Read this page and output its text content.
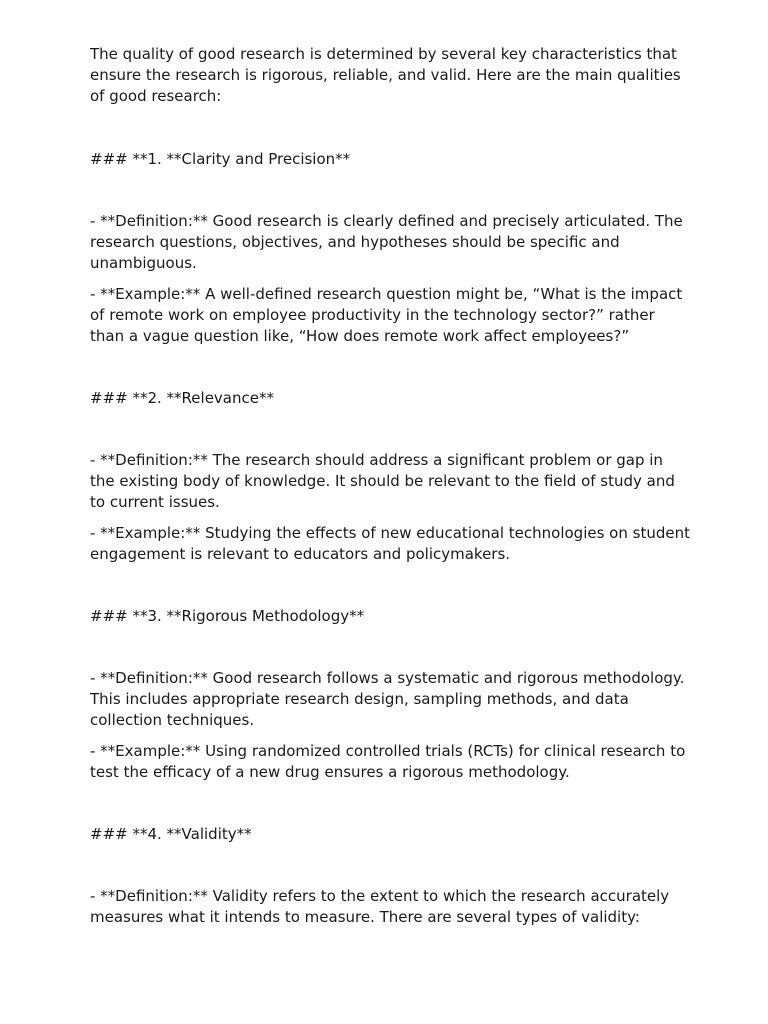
The quality of good research is determined by several key characteristics that ensure the research is rigorous, reliable, and valid. Here are the main qualities of good research:

### **1. **Clarity and Precision**

- **Definition:** Good research is clearly defined and precisely articulated. The research questions, objectives, and hypotheses should be specific and unambiguous.

- **Example:** A well-defined research question might be, “What is the impact of remote work on employee productivity in the technology sector?” rather than a vague question like, “How does remote work affect employees?”

### **2. **Relevance**

- **Definition:** The research should address a significant problem or gap in the existing body of knowledge. It should be relevant to the field of study and to current issues.

- **Example:** Studying the effects of new educational technologies on student engagement is relevant to educators and policymakers.

### **3. **Rigorous Methodology**

- **Definition:** Good research follows a systematic and rigorous methodology. This includes appropriate research design, sampling methods, and data collection techniques.

- **Example:** Using randomized controlled trials (RCTs) for clinical research to test the efficacy of a new drug ensures a rigorous methodology.

### **4. **Validity**

- **Definition:** Validity refers to the extent to which the research accurately measures what it intends to measure. There are several types of validity:
